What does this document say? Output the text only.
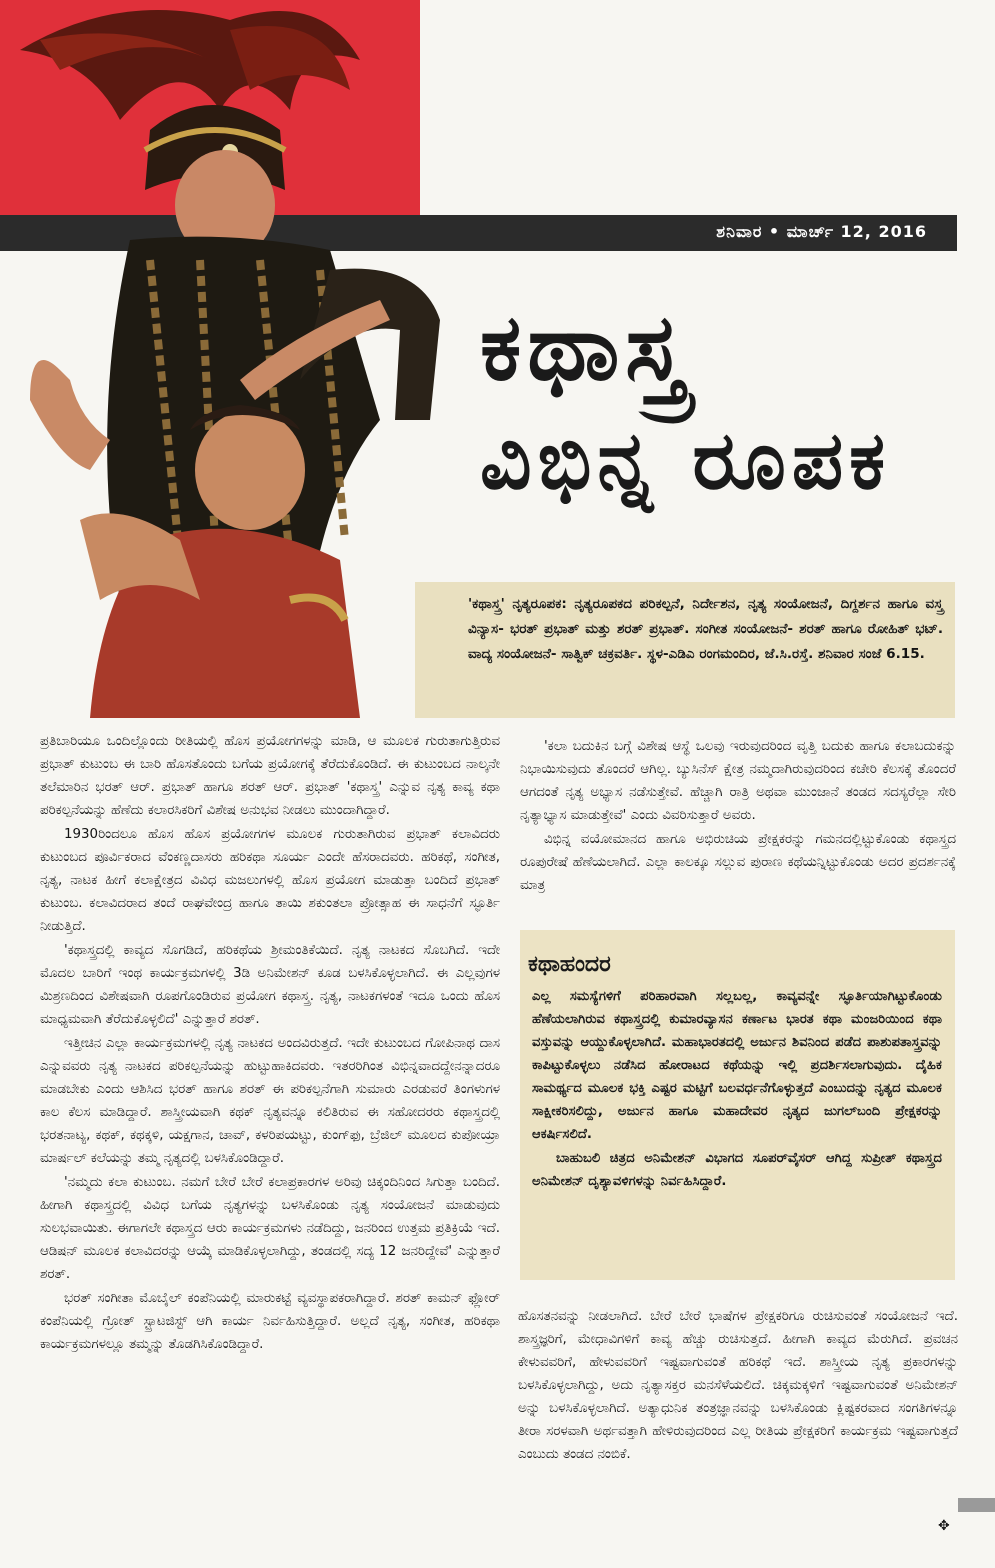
ಶನಿವಾರ • ಮಾರ್ಚ್ 12, 2016
ಕಥಾಸ್ತ್ರ
ವಿಭಿನ್ನ ರೂಪಕ
'ಕಥಾಸ್ತ್ರ' ನೃತ್ಯರೂಪಕ: ನೃತ್ಯರೂಪಕದ ಪರಿಕಲ್ಪನೆ, ನಿರ್ದೇಶನ, ನೃತ್ಯ ಸಂಯೋಜನೆ, ದಿಗ್ದರ್ಶನ ಹಾಗೂ ವಸ್ತ್ರ ವಿನ್ಯಾಸ- ಭರತ್ ಪ್ರಭಾತ್ ಮತ್ತು ಶರತ್ ಪ್ರಭಾತ್. ಸಂಗೀತ ಸಂಯೋಜನೆ- ಶರತ್ ಹಾಗೂ ರೋಹಿತ್ ಭಟ್. ವಾದ್ಯ ಸಂಯೋಜನೆ- ಸಾತ್ವಿಕ್ ಚಕ್ರವರ್ತಿ. ಸ್ಥಳ-ಎಡಿಎ ರಂಗಮಂದಿರ, ಜೆ.ಸಿ.ರಸ್ತೆ. ಶನಿವಾರ ಸಂಜೆ 6.15.

ಪ್ರತಿಬಾರಿಯೂ ಒಂದಿಲ್ಲೊಂದು ರೀತಿಯಲ್ಲಿ ಹೊಸ ಪ್ರಯೋಗಗಳನ್ನು ಮಾಡಿ, ಆ ಮೂಲಕ ಗುರುತಾಗುತ್ತಿರುವ ಪ್ರಭಾತ್ ಕುಟುಂಬ ಈ ಬಾರಿ ಹೊಸತೊಂದು ಬಗೆಯ ಪ್ರಯೋಗಕ್ಕೆ ತೆರೆದುಕೊಂಡಿದೆ. ಈ ಕುಟುಂಬದ ನಾಲ್ಕನೇ ತಲೆಮಾರಿನ ಭರತ್ ಆರ್. ಪ್ರಭಾತ್ ಹಾಗೂ ಶರತ್ ಆರ್. ಪ್ರಭಾತ್ 'ಕಥಾಸ್ತ್ರ' ಎನ್ನುವ ನೃತ್ಯ ಕಾವ್ಯ ಕಥಾ ಪರಿಕಲ್ಪನೆಯನ್ನು ಹೆಣೆದು ಕಲಾರಸಿಕರಿಗೆ ವಿಶೇಷ ಅನುಭವ ನೀಡಲು ಮುಂದಾಗಿದ್ದಾರೆ.

1930ರಿಂದಲೂ ಹೊಸ ಹೊಸ ಪ್ರಯೋಗಗಳ ಮೂಲಕ ಗುರುತಾಗಿರುವ ಪ್ರಭಾತ್ ಕಲಾವಿದರು ಕುಟುಂಬದ ಪೂರ್ವಿಕರಾದ ವೆಂಕಣ್ಣದಾಸರು ಹರಿಕಥಾ ಸೂರ್ಯ ಎಂದೇ ಹೆಸರಾದವರು. ಹರಿಕಥೆ, ಸಂಗೀತ, ನೃತ್ಯ, ನಾಟಕ ಹೀಗೆ ಕಲಾಕ್ಷೇತ್ರದ ವಿವಿಧ ಮಜಲುಗಳಲ್ಲಿ ಹೊಸ ಪ್ರಯೋಗ ಮಾಡುತ್ತಾ ಬಂದಿದೆ ಪ್ರಭಾತ್ ಕುಟುಂಬ. ಕಲಾವಿದರಾದ ತಂದೆ ರಾಘವೇಂದ್ರ ಹಾಗೂ ತಾಯಿ ಶಕುಂತಲಾ ಪ್ರೋತ್ಸಾಹ ಈ ಸಾಧನೆಗೆ ಸ್ಫೂರ್ತಿ ನೀಡುತ್ತಿದೆ.

'ಕಥಾಸ್ತ್ರದಲ್ಲಿ ಕಾವ್ಯದ ಸೊಗಡಿದೆ, ಹರಿಕಥೆಯ ಶ್ರೀಮಂತಿಕೆಯಿದೆ. ನೃತ್ಯ ನಾಟಕದ ಸೊಬಗಿದೆ. ಇದೇ ಮೊದಲ ಬಾರಿಗೆ ಇಂಥ ಕಾರ್ಯಕ್ರಮಗಳಲ್ಲಿ 3ಡಿ ಅನಿಮೇಶನ್ ಕೂಡ ಬಳಸಿಕೊಳ್ಳಲಾಗಿದೆ. ಈ ಎಲ್ಲವುಗಳ ಮಿಶ್ರಣದಿಂದ ವಿಶೇಷವಾಗಿ ರೂಪಗೊಂಡಿರುವ ಪ್ರಯೋಗ ಕಥಾಸ್ತ್ರ. ನೃತ್ಯ, ನಾಟಕಗಳಂತೆ ಇದೂ ಒಂದು ಹೊಸ ಮಾಧ್ಯಮವಾಗಿ ತೆರೆದುಕೊಳ್ಳಲಿದೆ' ಎನ್ನುತ್ತಾರೆ ಶರತ್.

ಇತ್ತೀಚಿನ ಎಲ್ಲಾ ಕಾರ್ಯಕ್ರಮಗಳಲ್ಲಿ ನೃತ್ಯ ನಾಟಕದ ಅಂದವಿರುತ್ತದೆ. ಇದೇ ಕುಟುಂಬದ ಗೋಪಿನಾಥ ದಾಸ ಎನ್ನುವವರು ನೃತ್ಯ ನಾಟಕದ ಪರಿಕಲ್ಪನೆಯನ್ನು ಹುಟ್ಟುಹಾಕಿದವರು. ಇತರರಿಗಿಂತ ವಿಭಿನ್ನವಾದದ್ದೇನನ್ನಾದರೂ ಮಾಡಬೇಕು ಎಂದು ಆಶಿಸಿದ ಭರತ್ ಹಾಗೂ ಶರತ್ ಈ ಪರಿಕಲ್ಪನೆಗಾಗಿ ಸುಮಾರು ಎರಡುವರೆ ತಿಂಗಳುಗಳ ಕಾಲ ಕೆಲಸ ಮಾಡಿದ್ದಾರೆ. ಶಾಸ್ತ್ರೀಯವಾಗಿ ಕಥಕ್ ನೃತ್ಯವನ್ನೂ ಕಲಿತಿರುವ ಈ ಸಹೋದರರು ಕಥಾಸ್ತ್ರದಲ್ಲಿ ಭರತನಾಟ್ಯ, ಕಥಕ್, ಕಥಕ್ಕಳಿ, ಯಕ್ಷಗಾನ, ಚಾವ್, ಕಳರಿಪಯಟ್ಟು, ಕುಂಗ್‌ಫು, ಬ್ರೆಜಿಲ್ ಮೂಲದ ಕುಪೋಯ್ರಾ ಮಾರ್ಷಲ್ ಕಲೆಯನ್ನು ತಮ್ಮ ನೃತ್ಯದಲ್ಲಿ ಬಳಸಿಕೊಂಡಿದ್ದಾರೆ.

'ನಮ್ಮದು ಕಲಾ ಕುಟುಂಬ. ನಮಗೆ ಬೇರೆ ಬೇರೆ ಕಲಾಪ್ರಕಾರಗಳ ಅರಿವು ಚಿಕ್ಕಂದಿನಿಂದ ಸಿಗುತ್ತಾ ಬಂದಿದೆ. ಹೀಗಾಗಿ ಕಥಾಸ್ತ್ರದಲ್ಲಿ ವಿವಿಧ ಬಗೆಯ ನೃತ್ಯಗಳನ್ನು ಬಳಸಿಕೊಂಡು ನೃತ್ಯ ಸಂಯೋಜನೆ ಮಾಡುವುದು ಸುಲಭವಾಯಿತು. ಈಗಾಗಲೇ ಕಥಾಸ್ತ್ರದ ಆರು ಕಾರ್ಯಕ್ರಮಗಳು ನಡೆದಿದ್ದು, ಜನರಿಂದ ಉತ್ತಮ ಪ್ರತಿಕ್ರಿಯೆ ಇದೆ. ಆಡಿಷನ್ ಮೂಲಕ ಕಲಾವಿದರನ್ನು ಆಯ್ಕೆ ಮಾಡಿಕೊಳ್ಳಲಾಗಿದ್ದು, ತಂಡದಲ್ಲಿ ಸದ್ಯ 12 ಜನರಿದ್ದೇವೆ' ಎನ್ನುತ್ತಾರೆ ಶರತ್.

ಭರತ್ ಸಂಗೀತಾ ಮೊಬೈಲ್ ಕಂಪೆನಿಯಲ್ಲಿ ಮಾರುಕಟ್ಟೆ ವ್ಯವಸ್ಥಾಪಕರಾಗಿದ್ದಾರೆ. ಶರತ್ ಕಾಮನ್ ಫ್ಲೋರ್ ಕಂಪೆನಿಯಲ್ಲಿ ಗ್ರೋತ್ ಸ್ಟ್ರಾಟಜಿಸ್ಟ್ ಆಗಿ ಕಾರ್ಯ ನಿರ್ವಹಿಸುತ್ತಿದ್ದಾರೆ. ಅಲ್ಲದೆ ನೃತ್ಯ, ಸಂಗೀತ, ಹರಿಕಥಾ ಕಾರ್ಯಕ್ರಮಗಳಲ್ಲೂ ತಮ್ಮನ್ನು ತೊಡಗಿಸಿಕೊಂಡಿದ್ದಾರೆ.

'ಕಲಾ ಬದುಕಿನ ಬಗ್ಗೆ ವಿಶೇಷ ಆಸ್ಥೆ ಒಲವು ಇರುವುದರಿಂದ ವೃತ್ತಿ ಬದುಕು ಹಾಗೂ ಕಲಾಬದುಕನ್ನು ನಿಭಾಯಿಸುವುದು ತೊಂದರೆ ಆಗಿಲ್ಲ. ಬ್ಯುಸಿನೆಸ್ ಕ್ಷೇತ್ರ ನಮ್ಮದಾಗಿರುವುದರಿಂದ ಕಚೇರಿ ಕೆಲಸಕ್ಕೆ ತೊಂದರೆ ಆಗದಂತೆ ನೃತ್ಯ ಅಭ್ಯಾಸ ನಡೆಸುತ್ತೇವೆ. ಹೆಚ್ಚಾಗಿ ರಾತ್ರಿ ಅಥವಾ ಮುಂಜಾನೆ ತಂಡದ ಸದಸ್ಯರೆಲ್ಲಾ ಸೇರಿ ನೃತ್ಯಾಭ್ಯಾಸ ಮಾಡುತ್ತೇವೆ' ಎಂದು ವಿವರಿಸುತ್ತಾರೆ ಅವರು.

ವಿಭಿನ್ನ ವಯೋಮಾನದ ಹಾಗೂ ಅಭಿರುಚಿಯ ಪ್ರೇಕ್ಷಕರನ್ನು ಗಮನದಲ್ಲಿಟ್ಟುಕೊಂಡು ಕಥಾಸ್ತ್ರದ ರೂಪುರೇಷೆ ಹೆಣೆಯಲಾಗಿದೆ. ಎಲ್ಲಾ ಕಾಲಕ್ಕೂ ಸಲ್ಲುವ ಪುರಾಣ ಕಥೆಯನ್ನಿಟ್ಟುಕೊಂಡು ಅದರ ಪ್ರದರ್ಶನಕ್ಕೆ ಮಾತ್ರ

ಕಥಾಹಂದರ

ಎಲ್ಲ ಸಮಸ್ಯೆಗಳಿಗೆ ಪರಿಹಾರವಾಗಿ ಸಲ್ಲಬಲ್ಲ, ಕಾವ್ಯವನ್ನೇ ಸ್ಫೂರ್ತಿಯಾಗಿಟ್ಟುಕೊಂಡು ಹೆಣೆಯಲಾಗಿರುವ ಕಥಾಸ್ತ್ರದಲ್ಲಿ ಕುಮಾರವ್ಯಾಸನ ಕರ್ಣಾಟ ಭಾರತ ಕಥಾ ಮಂಜರಿಯಿಂದ ಕಥಾ ವಸ್ತುವನ್ನು ಆಯ್ದುಕೊಳ್ಳಲಾಗಿದೆ. ಮಹಾಭಾರತದಲ್ಲಿ ಅರ್ಜುನ ಶಿವನಿಂದ ಪಡೆದ ಪಾಶುಪತಾಸ್ತ್ರವನ್ನು ಕಾಪಿಟ್ಟುಕೊಳ್ಳಲು ನಡೆಸಿದ ಹೋರಾಟದ ಕಥೆಯನ್ನು ಇಲ್ಲಿ ಪ್ರದರ್ಶಿಸಲಾಗುವುದು. ದೈಹಿಕ ಸಾಮರ್ಥ್ಯದ ಮೂಲಕ ಭಕ್ತಿ ಎಷ್ಟರ ಮಟ್ಟಿಗೆ ಬಲವರ್ಧನೆಗೊಳ್ಳುತ್ತದೆ ಎಂಬುದನ್ನು ನೃತ್ಯದ ಮೂಲಕ ಸಾಕ್ಷೀಕರಿಸಲಿದ್ದು, ಅರ್ಜುನ ಹಾಗೂ ಮಹಾದೇವರ ನೃತ್ಯದ ಜುಗಲ್‌ಬಂದಿ ಪ್ರೇಕ್ಷಕರನ್ನು ಆಕರ್ಷಿಸಲಿದೆ.

ಬಾಹುಬಲಿ ಚಿತ್ರದ ಅನಿಮೇಶನ್ ವಿಭಾಗದ ಸೂಪರ್‌ವೈಸರ್ ಆಗಿದ್ದ ಸುಪ್ರೀತ್ ಕಥಾಸ್ತ್ರದ ಅನಿಮೇಶನ್ ದೃಶ್ಯಾವಳಿಗಳನ್ನು ನಿರ್ವಹಿಸಿದ್ದಾರೆ.

ಹೊಸತನವನ್ನು ನೀಡಲಾಗಿದೆ. ಬೇರೆ ಬೇರೆ ಭಾಷೆಗಳ ಪ್ರೇಕ್ಷಕರಿಗೂ ರುಚಿಸುವಂತೆ ಸಂಯೋಜನೆ ಇದೆ. ಶಾಸ್ತ್ರಜ್ಞರಿಗೆ, ಮೇಧಾವಿಗಳಿಗೆ ಕಾವ್ಯ ಹೆಚ್ಚು ರುಚಿಸುತ್ತದೆ. ಹೀಗಾಗಿ ಕಾವ್ಯದ ಮೆರುಗಿದೆ. ಪ್ರವಚನ ಕೇಳುವವರಿಗೆ, ಹೇಳುವವರಿಗೆ ಇಷ್ಟವಾಗುವಂತೆ ಹರಿಕಥೆ ಇದೆ. ಶಾಸ್ತ್ರೀಯ ನೃತ್ಯ ಪ್ರಕಾರಗಳನ್ನು ಬಳಸಿಕೊಳ್ಳಲಾಗಿದ್ದು, ಅದು ನೃತ್ಯಾಸಕ್ತರ ಮನಸೆಳೆಯಲಿದೆ. ಚಿಕ್ಕಮಕ್ಕಳಿಗೆ ಇಷ್ಟವಾಗುವಂತೆ ಅನಿಮೇಶನ್ ಅನ್ನು ಬಳಸಿಕೊಳ್ಳಲಾಗಿದೆ. ಅತ್ಯಾಧುನಿಕ ತಂತ್ರಜ್ಞಾನವನ್ನು ಬಳಸಿಕೊಂಡು ಕ್ಲಿಷ್ಟಕರವಾದ ಸಂಗತಿಗಳನ್ನೂ ತೀರಾ ಸರಳವಾಗಿ ಅರ್ಥವತ್ತಾಗಿ ಹೇಳಿರುವುದರಿಂದ ಎಲ್ಲ ರೀತಿಯ ಪ್ರೇಕ್ಷಕರಿಗೆ ಕಾರ್ಯಕ್ರಮ ಇಷ್ಟವಾಗುತ್ತದೆ ಎಂಬುದು ತಂಡದ ನಂಬಿಕೆ.

✥
